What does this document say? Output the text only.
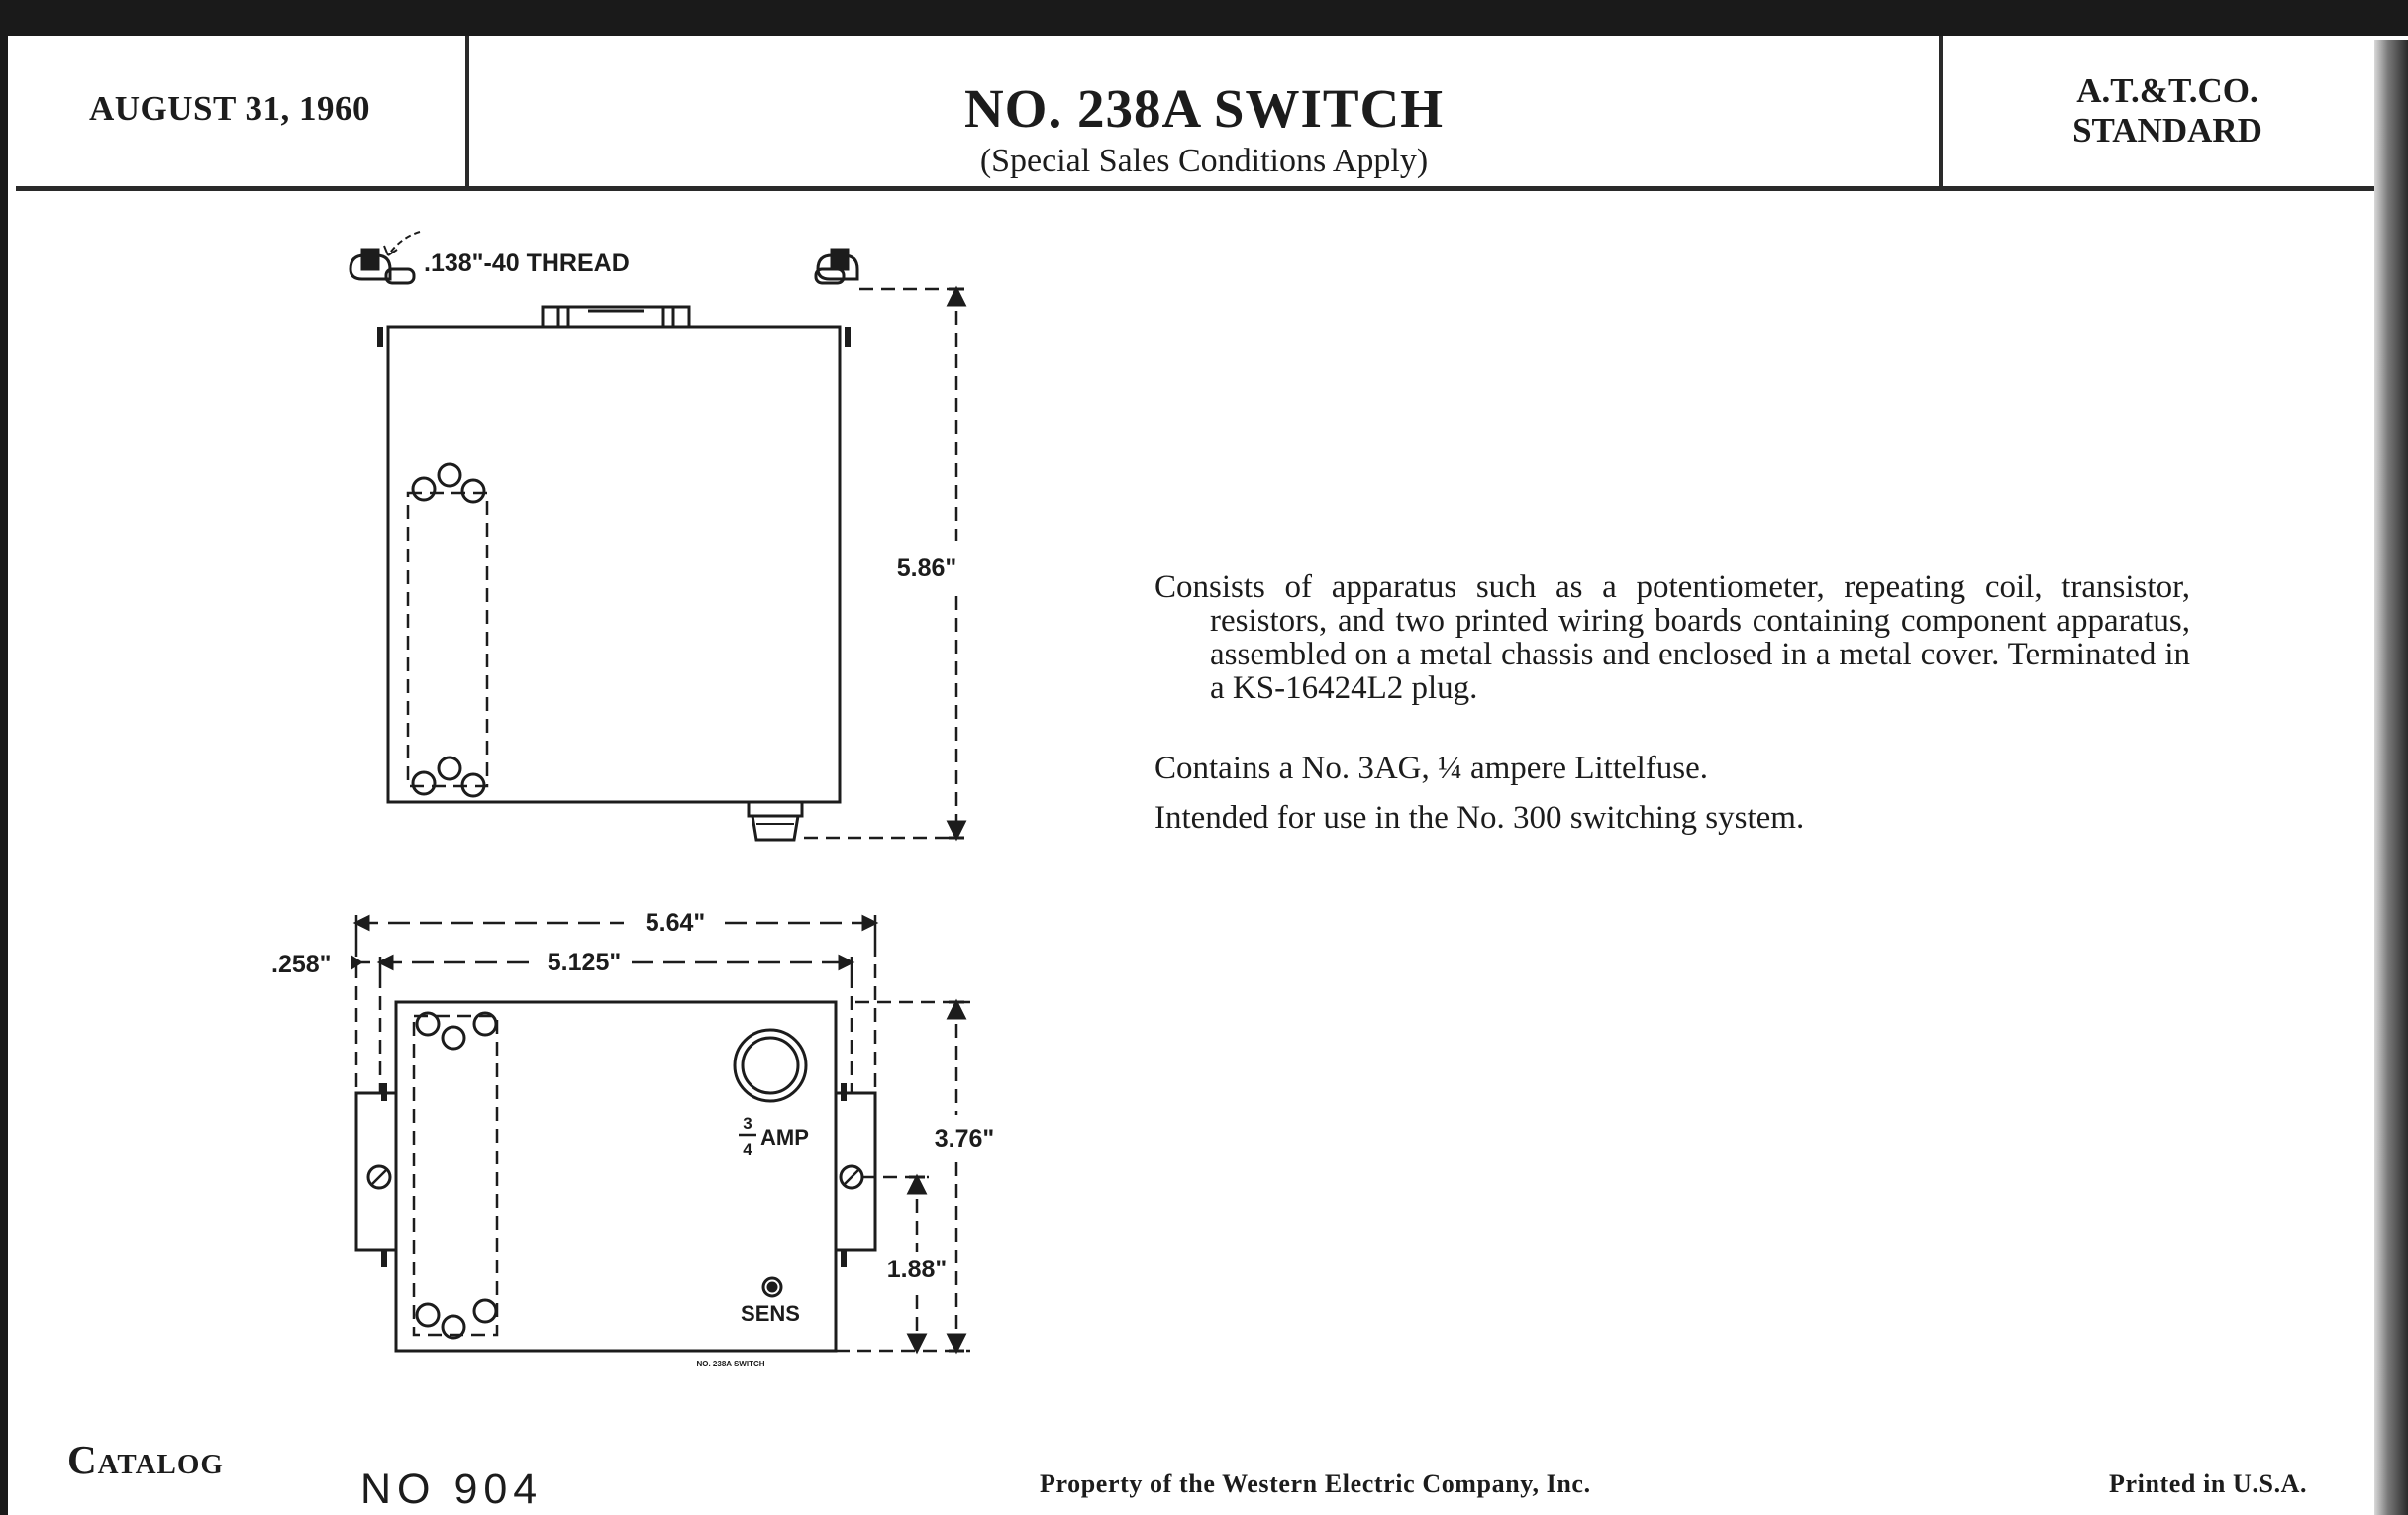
AUGUST 31, 1960	NO. 238A SWITCH
(Special Sales Conditions Apply)
A.T.&T.CO.
STANDARD
.138"-40 THREAD
5.86"
5.64"
5.125"
.258"
3.76"
1.88"
3
4 AMP
SENS
NO. 238A SWITCH

Consists of apparatus such as a potentiometer, repeating coil, transistor, resistors, and two printed wiring boards containing component apparatus, assembled on a metal chassis and enclosed in a metal cover. Terminated in a KS-16424L2 plug.

Contains a No. 3AG, ¼ ampere Littelfuse.

Intended for use in the No. 300 switching system.

Catalog
NO 904	Property of the Western Electric Company, Inc.	Printed in U.S.A.
